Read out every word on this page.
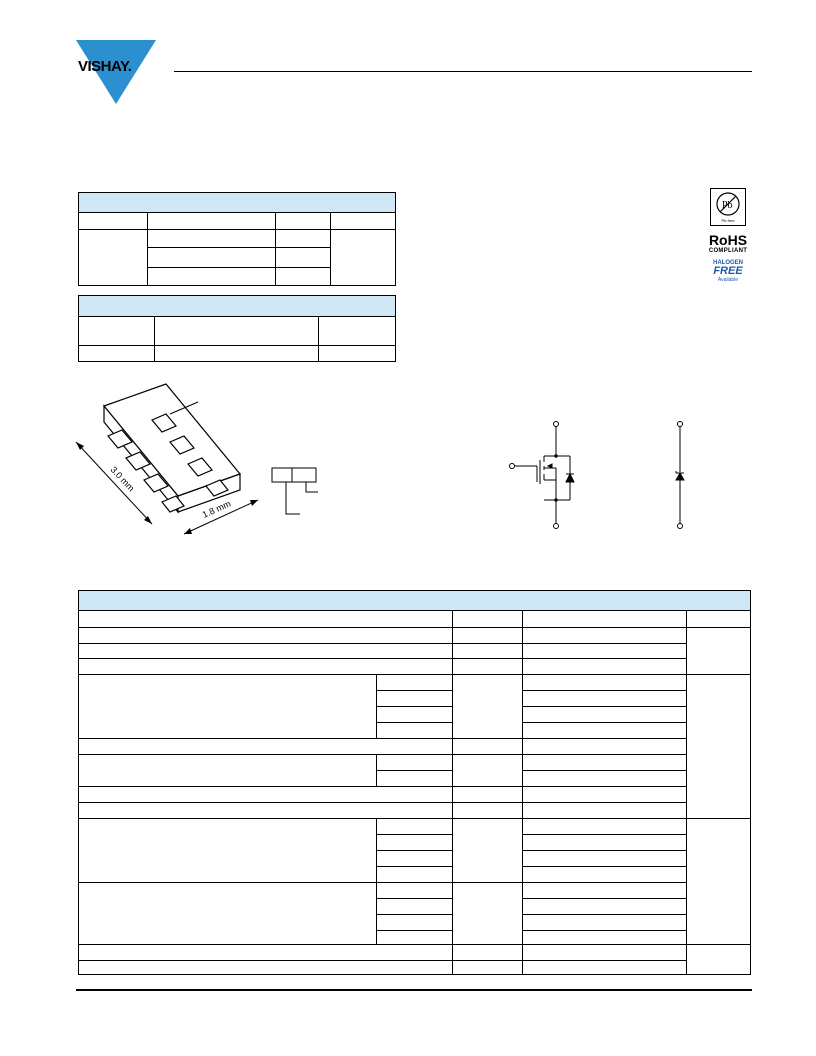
VISHAY.
Pb
Pb-free
RoHS
COMPLIANT
HALOGEN
FREE
Available
3.0 mm
1.8 mm
